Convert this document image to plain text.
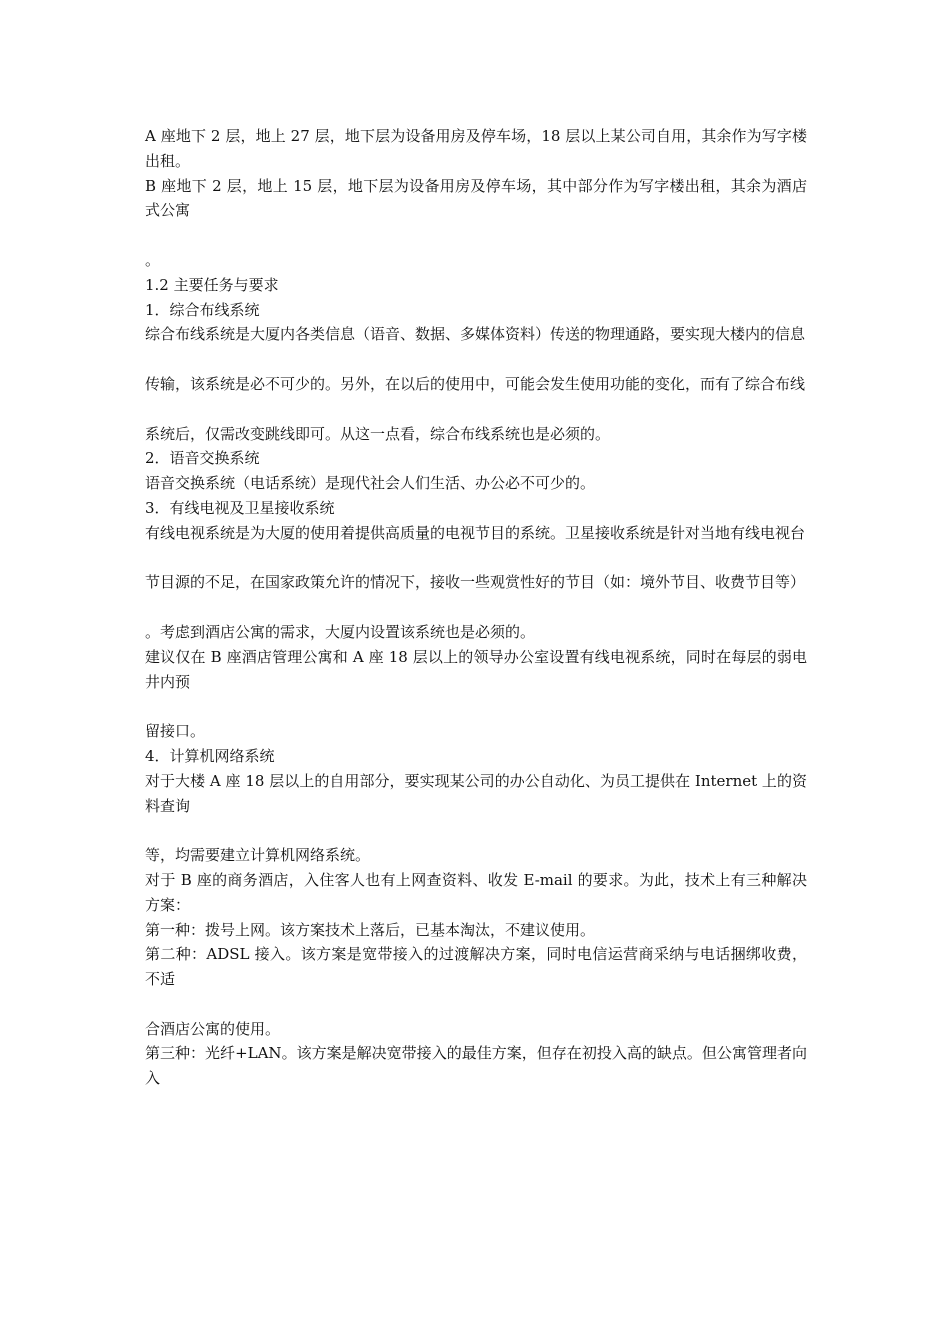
A 座地下 2 层，地上 27 层，地下层为设备用房及停车场，18 层以上某公司自用，其余作为写字楼出租。

B 座地下 2 层，地上 15 层，地下层为设备用房及停车场，其中部分作为写字楼出租，其余为酒店式公寓

。

1.2 主要任务与要求

1．综合布线系统

综合布线系统是大厦内各类信息（语音、数据、多媒体资料）传送的物理通路，要实现大楼内的信息

传输，该系统是必不可少的。另外，在以后的使用中，可能会发生使用功能的变化，而有了综合布线

系统后，仅需改变跳线即可。从这一点看，综合布线系统也是必须的。

2．语音交换系统

语音交换系统（电话系统）是现代社会人们生活、办公必不可少的。

3．有线电视及卫星接收系统

有线电视系统是为大厦的使用着提供高质量的电视节目的系统。卫星接收系统是针对当地有线电视台

节目源的不足，在国家政策允许的情况下，接收一些观赏性好的节目（如：境外节目、收费节目等）

。考虑到酒店公寓的需求，大厦内设置该系统也是必须的。

建议仅在 B 座酒店管理公寓和 A 座 18 层以上的领导办公室设置有线电视系统，同时在每层的弱电井内预

留接口。

4．计算机网络系统

对于大楼 A 座 18 层以上的自用部分，要实现某公司的办公自动化、为员工提供在 Internet 上的资料查询

等，均需要建立计算机网络系统。

对于 B 座的商务酒店，入住客人也有上网查资料、收发 E-mail 的要求。为此，技术上有三种解决方案：

第一种：拨号上网。该方案技术上落后，已基本淘汰，不建议使用。

第二种：ADSL 接入。该方案是宽带接入的过渡解决方案，同时电信运营商采纳与电话捆绑收费，不适

合酒店公寓的使用。

第三种：光纤+LAN。该方案是解决宽带接入的最佳方案，但存在初投入高的缺点。但公寓管理者向入
